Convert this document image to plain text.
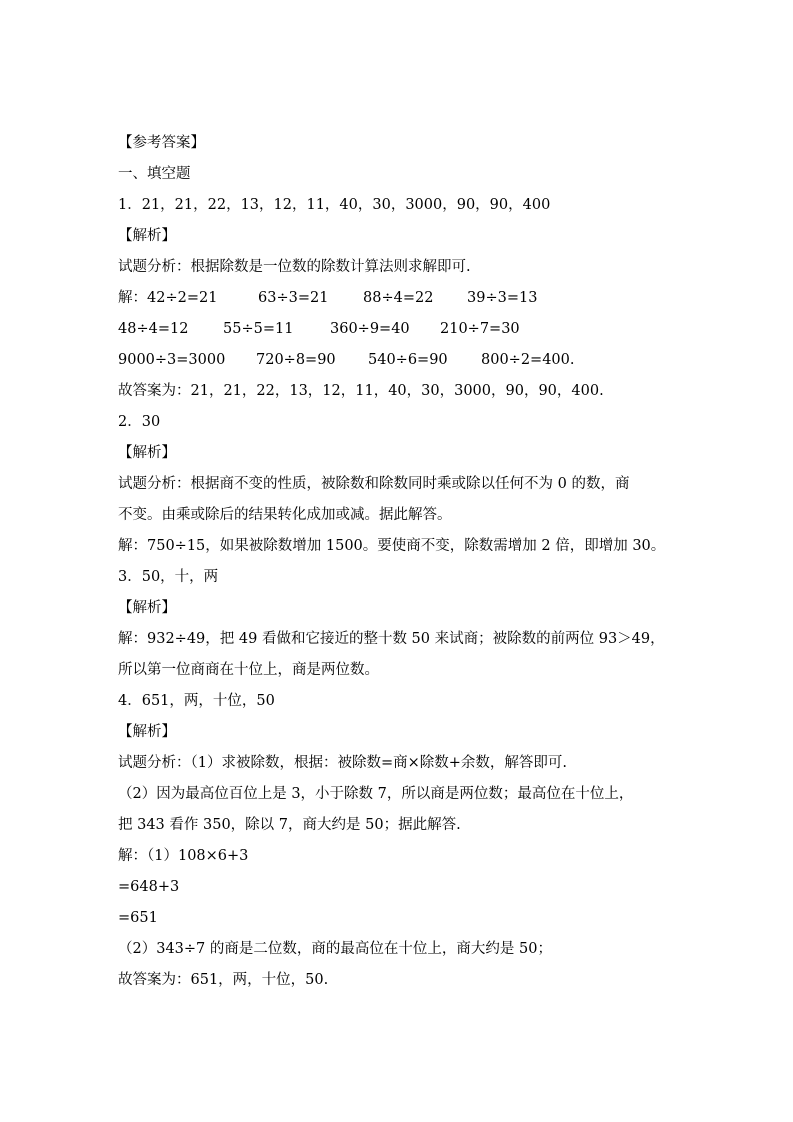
【参考答案】
一、填空题
1．21，21，22，13，12，11，40，30，3000，90，90，400
【解析】
试题分析：根据除数是一位数的除数计算法则求解即可.
解：42÷2=21	63÷3=21 88÷4=22 39÷3=13
48÷4=12 55÷5=11	360÷9=40 210÷7=30
9000÷3=3000 720÷8=90 540÷6=90 800÷2=400.
故答案为：21，21，22，13，12，11，40，30，3000，90，90，400.
2．30
【解析】
试题分析：根据商不变的性质，被除数和除数同时乘或除以任何不为 0 的数，商
不变。由乘或除后的结果转化成加或减。据此解答。
解：750÷15，如果被除数增加 1500。要使商不变，除数需增加 2 倍，即增加 30。
3．50，十，两
【解析】
解：932÷49，把 49 看做和它接近的整十数 50 来试商；被除数的前两位 93＞49，
所以第一位商商在十位上，商是两位数。
4．651，两，十位，50
【解析】
试题分析：（1）求被除数，根据：被除数=商×除数+余数，解答即可.
（2）因为最高位百位上是 3，小于除数 7，所以商是两位数；最高位在十位上，
把 343 看作 350，除以 7，商大约是 50；据此解答.
解：（1）108×6+3
=648+3
=651
（2）343÷7 的商是二位数，商的最高位在十位上，商大约是 50；
故答案为：651，两，十位，50.
